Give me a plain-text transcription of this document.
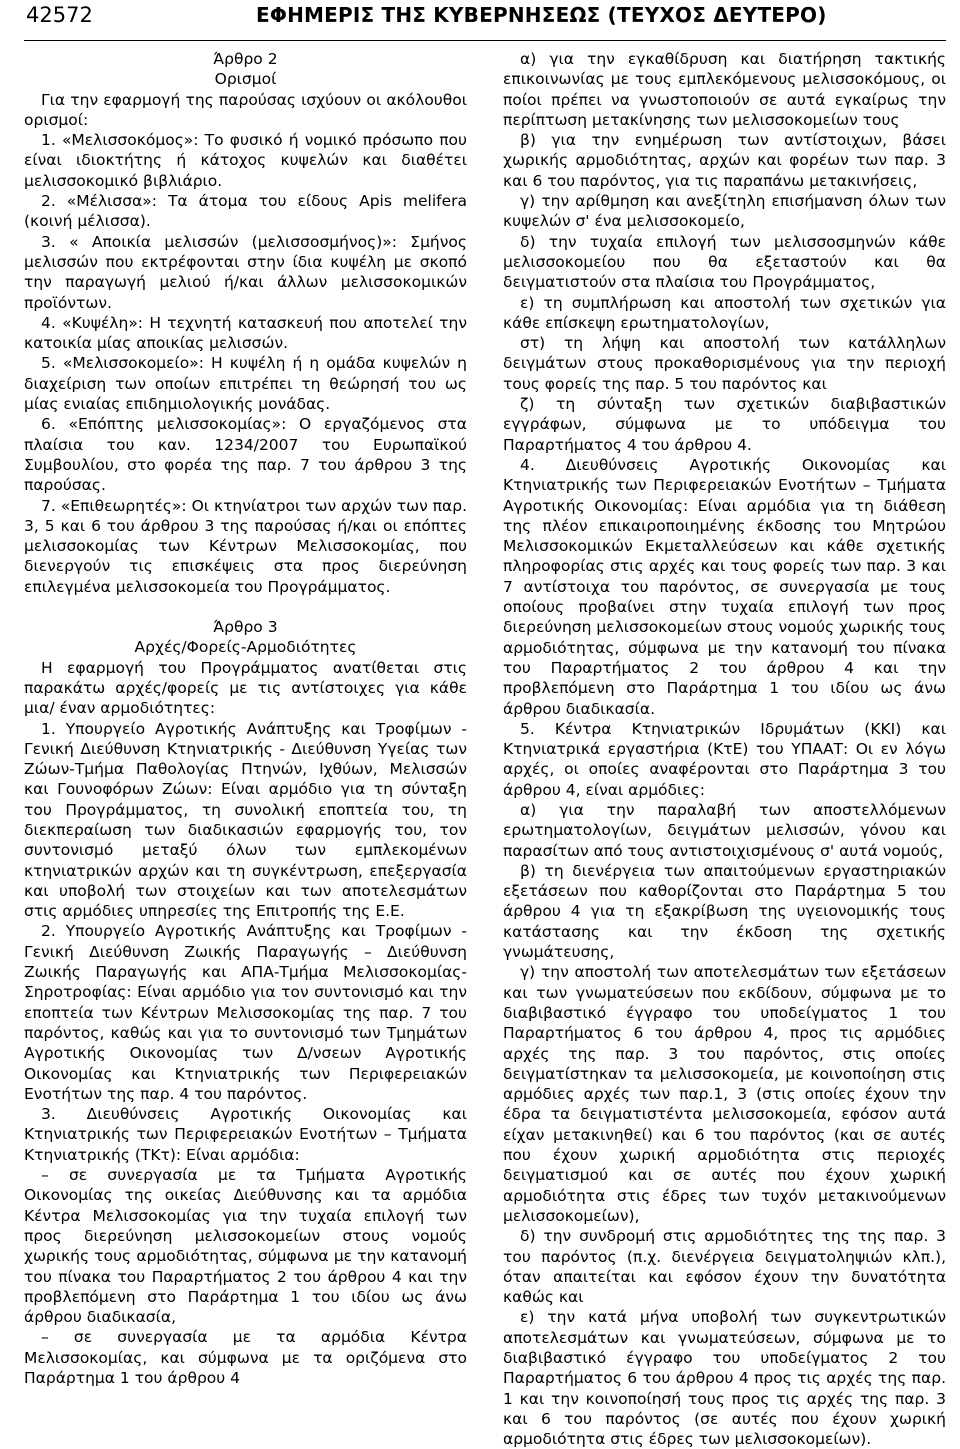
42572	ΕΦΗΜΕΡΙΣ ΤΗΣ ΚΥΒΕΡΝΗΣΕΩΣ (ΤΕΥΧΟΣ ΔΕΥΤΕΡΟ)

Άρθρο 2

Ορισμοί

Για την εφαρμογή της παρούσας ισχύουν οι ακόλουθοι ορισμοί:

1. «Μελισσοκόμος»: Το φυσικό ή νομικό πρόσωπο που είναι ιδιοκτήτης ή κάτοχος κυψελών και διαθέτει μελισσοκομικό βιβλιάριο.

2. «Μέλισσα»: Τα άτομα του είδους Apis melifera (κοινή μέλισσα).

3. « Αποικία μελισσών (μελισσοσμήνος)»: Σμήνος μελισσών που εκτρέφονται στην ίδια κυψέλη με σκοπό την παραγωγή μελιού ή/και άλλων μελισσοκομικών προϊόντων.

4. «Κυψέλη»: Η τεχνητή κατασκευή που αποτελεί την κατοικία μίας αποικίας μελισσών.

5. «Μελισσοκομείο»: Η κυψέλη ή η ομάδα κυψελών η διαχείριση των οποίων επιτρέπει τη θεώρησή του ως μίας ενιαίας επιδημιολογικής μονάδας.

6. «Επόπτης μελισσοκομίας»: Ο εργαζόμενος στα πλαίσια του καν. 1234/2007 του Ευρωπαϊκού Συμβουλίου, στο φορέα της παρ. 7 του άρθρου 3 της παρούσας.

7. «Επιθεωρητές»: Οι κτηνίατροι των αρχών των παρ. 3, 5 και 6 του άρθρου 3 της παρούσας ή/και οι επόπτες μελισσοκομίας των Κέντρων Μελισσοκομίας, που διενεργούν τις επισκέψεις στα προς διερεύνηση επιλεγμένα μελισσοκομεία του Προγράμματος.

Άρθρο 3

Αρχές/Φορείς-Αρμοδιότητες

Η εφαρμογή του Προγράμματος ανατίθεται στις παρακάτω αρχές/φορείς με τις αντίστοιχες για κάθε μια/ έναν αρμοδιότητες:

1. Υπουργείο Αγροτικής Ανάπτυξης και Τροφίμων - Γενική Διεύθυνση Κτηνιατρικής - Διεύθυνση Υγείας των Ζώων-Τμήμα Παθολογίας Πτηνών, Ιχθύων, Μελισσών και Γουνοφόρων Ζώων: Είναι αρμόδιο για τη σύνταξη του Προγράμματος, τη συνολική εποπτεία του, τη διεκπεραίωση των διαδικασιών εφαρμογής του, τον συντονισμό μεταξύ όλων των εμπλεκομένων κτηνιατρικών αρχών και τη συγκέντρωση, επεξεργασία και υποβολή των στοιχείων και των αποτελεσμάτων στις αρμόδιες υπηρεσίες της Επιτροπής της Ε.Ε.

2. Υπουργείο Αγροτικής Ανάπτυξης και Τροφίμων - Γενική Διεύθυνση Ζωικής Παραγωγής – Διεύθυνση Ζωικής Παραγωγής και ΑΠΑ-Τμήμα Μελισσοκομίας-Σηροτροφίας: Είναι αρμόδιο για τον συντονισμό και την εποπτεία των Κέντρων Μελισσοκομίας της παρ. 7 του παρόντος, καθώς και για το συντονισμό των Τμημάτων Αγροτικής Οικονομίας των Δ/νσεων Αγροτικής Οικονομίας και Κτηνιατρικής των Περιφερειακών Ενοτήτων της παρ. 4 του παρόντος.

3. Διευθύνσεις Αγροτικής Οικονομίας και Κτηνιατρικής των Περιφερειακών Ενοτήτων – Τμήματα Κτηνιατρικής (ΤΚτ): Είναι αρμόδια:

– σε συνεργασία με τα Τμήματα Αγροτικής Οικονομίας της οικείας Διεύθυνσης και τα αρμόδια Κέντρα Μελισσοκομίας για την τυχαία επιλογή των προς διερεύνηση μελισσοκομείων στους νομούς χωρικής τους αρμοδιότητας, σύμφωνα με την κατανομή του πίνακα του Παραρτήματος 2 του άρθρου 4 και την προβλεπόμενη στο Παράρτημα 1 του ιδίου ως άνω άρθρου διαδικασία,

– σε συνεργασία με τα αρμόδια Κέντρα Μελισσοκομίας, και σύμφωνα με τα οριζόμενα στο Παράρτημα 1 του άρθρου 4

α) για την εγκαθίδρυση και διατήρηση τακτικής επικοινωνίας με τους εμπλεκόμενους μελισσοκόμους, οι ποίοι πρέπει να γνωστοποιούν σε αυτά εγκαίρως την περίπτωση μετακίνησης των μελισσοκομείων τους

β) για την ενημέρωση των αντίστοιχων, βάσει χωρικής αρμοδιότητας, αρχών και φορέων των παρ. 3 και 6 του παρόντος, για τις παραπάνω μετακινήσεις,

γ) την αρίθμηση και ανεξίτηλη επισήμανση όλων των κυψελών σ' ένα μελισσοκομείο,

δ) την τυχαία επιλογή των μελισσοσμηνών κάθε μελισσοκομείου που θα εξεταστούν και θα δειγματιστούν στα πλαίσια του Προγράμματος,

ε) τη συμπλήρωση και αποστολή των σχετικών για κάθε επίσκεψη ερωτηματολογίων,

στ) τη λήψη και αποστολή των κατάλληλων δειγμάτων στους προκαθορισμένους για την περιοχή τους φορείς της παρ. 5 του παρόντος και

ζ) τη σύνταξη των σχετικών διαβιβαστικών εγγράφων, σύμφωνα με το υπόδειγμα του Παραρτήματος 4 του άρθρου 4.

4. Διευθύνσεις Αγροτικής Οικονομίας και Κτηνιατρικής των Περιφερειακών Ενοτήτων – Τμήματα Αγροτικής Οικονομίας: Είναι αρμόδια για τη διάθεση της πλέον επικαιροποιημένης έκδοσης του Μητρώου Μελισσοκομικών Εκμεταλλεύσεων και κάθε σχετικής πληροφορίας στις αρχές και τους φορείς των παρ. 3 και 7 αντίστοιχα του παρόντος, σε συνεργασία με τους οποίους προβαίνει στην τυχαία επιλογή των προς διερεύνηση μελισσοκομείων στους νομούς χωρικής τους αρμοδιότητας, σύμφωνα με την κατανομή του πίνακα του Παραρτήματος 2 του άρθρου 4 και την προβλεπόμενη στο Παράρτημα 1 του ιδίου ως άνω άρθρου διαδικασία.

5. Κέντρα Κτηνιατρικών Ιδρυμάτων (ΚΚΙ) και Κτηνιατρικά εργαστήρια (ΚτΕ) του ΥΠΑΑΤ: Οι εν λόγω αρχές, οι οποίες αναφέρονται στο Παράρτημα 3 του άρθρου 4, είναι αρμόδιες:

α) για την παραλαβή των αποστελλόμενων ερωτηματολογίων, δειγμάτων μελισσών, γόνου και παρασίτων από τους αντιστοιχισμένους σ' αυτά νομούς,

β) τη διενέργεια των απαιτούμενων εργαστηριακών εξετάσεων που καθορίζονται στο Παράρτημα 5 του άρθρου 4 για τη εξακρίβωση της υγειονομικής τους κατάστασης και την έκδοση της σχετικής γνωμάτευσης,

γ) την αποστολή των αποτελεσμάτων των εξετάσεων και των γνωματεύσεων που εκδίδουν, σύμφωνα με το διαβιβαστικό έγγραφο του υποδείγματος 1 του Παραρτήματος 6 του άρθρου 4, προς τις αρμόδιες αρχές της παρ. 3 του παρόντος, στις οποίες δειγματίστηκαν τα μελισσοκομεία, με κοινοποίηση στις αρμόδιες αρχές των παρ.1, 3 (στις οποίες έχουν την έδρα τα δειγματιστέντα μελισσοκομεία, εφόσον αυτά είχαν μετακινηθεί) και 6 του παρόντος (και σε αυτές που έχουν χωρική αρμοδιότητα στις περιοχές δειγματισμού και σε αυτές που έχουν χωρική αρμοδιότητα στις έδρες των τυχόν μετακινούμενων μελισσοκομείων),

δ) την συνδρομή στις αρμοδιότητες της της παρ. 3 του παρόντος (π.χ. διενέργεια δειγματοληψιών κλπ.), όταν απαιτείται και εφόσον έχουν την δυνατότητα καθώς και

ε) την κατά μήνα υποβολή των συγκεντρωτικών αποτελεσμάτων και γνωματεύσεων, σύμφωνα με το διαβιβαστικό έγγραφο του υποδείγματος 2 του Παραρτήματος 6 του άρθρου 4 προς τις αρχές της παρ. 1 και την κοινοποίησή τους προς τις αρχές της παρ. 3 και 6 του παρόντος (σε αυτές που έχουν χωρική αρμοδιότητα στις έδρες των μελισσοκομείων).
